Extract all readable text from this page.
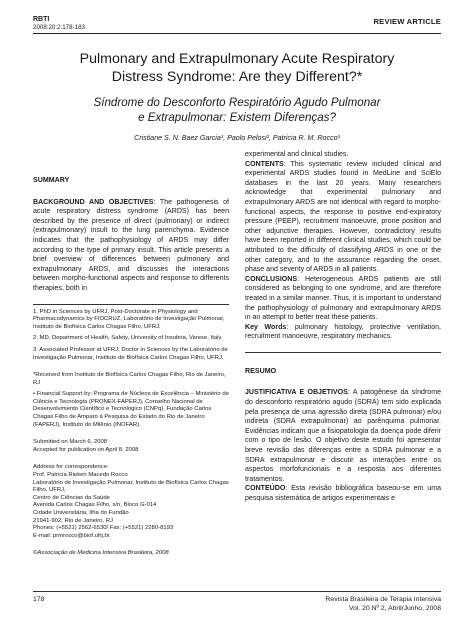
RBTI
2008:20:2:178-183
REVIEW ARTICLE
Pulmonary and Extrapulmonary Acute Respiratory
Distress Syndrome: Are they Different?*
Síndrome do Desconforto Respiratório Agudo Pulmonar
e Extrapulmonar: Existem Diferenças?
Cristiane S. N. Baez Garcia¹, Paolo Pelosi², Patricia R. M. Rocco³
SUMMARY

BACKGROUND AND OBJECTIVES: The pathogenesis of acute respiratory distress syndrome (ARDS) has been described by the presence of direct (pulmonary) or indirect (extrapulmonary) insult to the lung parenchyma. Evidence indicates that the pathophysiology of ARDS may differ according to the type of primary insult. This article presents a brief overview of differences between pulmonary and extrapulmonary ARDS, and discusses the interactions between morpho-functional aspects and response to differents therapies, both in

1. PhD in Sciences by UFRJ, Post-Doctorate in Physiology and Pharmacodynamics by FIOCRUZ, Laboratório de Investigação Pulmonar, Instituto de Biofísica Carlos Chagas Filho, UFRJ.

2. MD, Department of Health, Safety, University of Insubria, Varese, Italy.

3. Associated Professor at UFRJ; Doctor in Sciences by the Laboratório de Investigação Pulmonar, Instituto de Biofísica Carlos Chagas Filho, UFRJ.

*Received from Instituto de Biofísica Carlos Chagas Filho, Rio de Janeiro, RJ

• Financial Support by: Programa de Núcleos de Excelência – Ministério de Ciência e Tecnologia (PRONEX-FAPERJ), Conselho Nacional de Desenvolvimento Científico e Tecnológico (CNPq), Fundação Carlos Chagas Filho de Amparo à Pesquisa do Estado do Rio de Janeiro (FAPERJ), Instituto do Milênio (INOFAR).

Submitted on March 6, 2008

Accepted for publication on April 8, 2008

Address for correspondence:

Prof. Patricia Rieken Macedo Rocco

Laboratório de Investigação Pulmonar, Instituto de Biofísica Carlos Chagas Filho, UFRJ,

Centro de Ciências da Saúde

Avenida Carlos Chagas Filho, s/n, Bloco G-014

Cidade Universitária, Ilha do Fundão

21941-902, Rio de Janeiro, RJ

Phones: (+5521) 2562-6530/ Fax: (+5521) 2280-8193

E-mail: prmrocco@biof.ufrj.br

©Associação de Medicina Intensiva Brasileira, 2008

experimental and clinical studies.

CONTENTS: This systematic review included clinical and experimental ARDS studies found in MedLine and SciElo databases in the last 20 years. Many researchers acknowledge that experimental pulmonary and extrapulmonary ARDS are not identical with regard to morpho-functional aspects, the response to positive end-expiratory pressure (PEEP), recruitment manoeuvre, prone position and other adjunctive therapies. However, contradictory results have been reported in different clinical studies, which could be attributed to the difficulty of classifying ARDS in one or the other category, and to the assurance regarding the onset, phase and severity of ARDS in all patients.

CONCLUSIONS: Heterogeneous ARDS patients are still considered as belonging to one syndrome, and are therefore treated in a similar manner. Thus, it is important to understand the pathophysiology of pulmonary and extrapulmonary ARDS in an attempt to better treat these patients.

Key Words: pulmonary histology, protective ventilation, recruitment manoeuvre, respiratory mechanics.

RESUMO

JUSTIFICATIVA E OBJETIVOS: A patogênese da síndrome do desconforto respiratório agudo (SDRA) tem sido explicada pela presença de uma agressão direta (SDRA pulmonar) e/ou indireta (SDRA extrapulmonar) ao parênquima pulmonar. Evidências indicam que a fisiopatologia da doença pode diferir com o tipo de lesão. O objetivo deste estudo foi apresentar breve revisão das diferenças entre a SDRA pulmonar e a SDRA extrapulmonar e discutir as interações entre os aspectos morfofuncionais e a resposta aos diferentes tratamentos.

CONTEÚDO: Esta revisão bibliográfica baseou-se em uma pesquisa sistemática de artigos experimentais e

178	Revista Brasileira de Terapia Intensiva
Vol. 20 Nº 2, Abril/Junho, 2008
